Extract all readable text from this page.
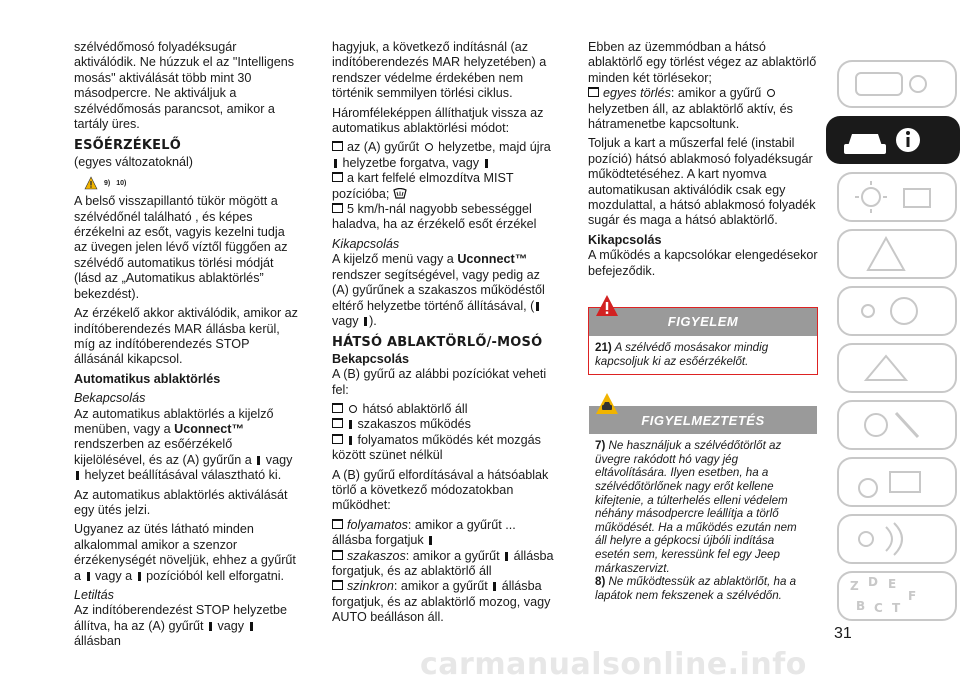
szélvédőmosó folyadéksugár aktiválódik. Ne húzzuk el az "Intelligens mosás" aktiválását több mint 30 másodpercre. Ne aktiváljuk a szélvédőmosás parancsot, amikor a tartály üres.

ESŐÉRZÉKELŐ

(egyes változatoknál)

9) 10)

A belső visszapillantó tükör mögött a szélvédőnél található , és képes érzékelni az esőt, vagyis kezelni tudja az üvegen jelen lévő víztől függően az szélvédő automatikus törlési módját (lásd az „Automatikus ablaktörlés” bekezdést).

Az érzékelő akkor aktiválódik, amikor az indítóberendezés MAR állásba kerül, míg az indítóberendezés STOP állásánál kikapcsol.

Automatikus ablaktörlés

Bekapcsolás

Az automatikus ablaktörlés a kijelző menüben, vagy a Uconnect™ rendszerben az esőérzékelő kijelölésével, és az (A) gyűrűn a  vagy  helyzet beállításával választható ki.

Az automatikus ablaktörlés aktiválását egy ütés jelzi.

Ugyanez az ütés látható minden alkalommal amikor a szenzor érzékenységét növeljük, ehhez a gyűrűt a  vagy a  pozícióból kell elforgatni.

Letiltás

Az indítóberendezést STOP helyzetbe állítva, ha az (A) gyűrűt  vagy  állásban

hagyjuk, a következő indításnál (az indítóberendezés MAR helyzetében) a rendszer védelme érdekében nem történik semmilyen törlési ciklus.

Háromféleképpen állíthatjuk vissza az automatikus ablaktörlési módot:

az (A) gyűrűt  helyzetbe, majd újra  helyzetbe forgatva, vagy

a kart felfelé elmozdítva MIST pozícióba;

5 km/h-nál nagyobb sebességgel haladva, ha az érzékelő esőt érzékel

Kikapcsolás

A kijelző menü vagy a Uconnect™ rendszer segítségével, vagy pedig az (A) gyűrűnek a szakaszos működéstől eltérő helyzetbe történő állításával, ( vagy ).

HÁTSÓ ABLAKTÖRLŐ/-MOSÓ

Bekapcsolás

A (B) gyűrű az alábbi pozíciókat veheti fel:

hátsó ablaktörlő áll

szakaszos működés

folyamatos működés két mozgás között szünet nélkül

A (B) gyűrű elfordításával a hátsóablak törlő a következő módozatokban működhet:

folyamatos: amikor a gyűrűt ... állásba forgatjuk

szakaszos: amikor a gyűrűt  állásba forgatjuk, és az ablaktörlő áll

szinkron: amikor a gyűrűt  állásba forgatjuk, és az ablaktörlő mozog, vagy AUTO beálláson áll.

Ebben az üzemmódban a hátsó ablaktörlő egy törlést végez az ablaktörlő minden két törlésekor;

egyes törlés: amikor a gyűrű  helyzetben áll, az ablaktörlő aktív, és hátramenetbe kapcsoltunk.

Toljuk a kart a műszerfal felé (instabil pozíció) hátsó ablakmosó folyadéksugár működtetéséhez. A kart nyomva automatikusan aktiválódik csak egy mozdulattal, a hátsó ablakmosó folyadék sugár és maga a hátsó ablaktörlő.

Kikapcsolás

A működés a kapcsolókar elengedésekor befejeződik.

FIGYELEM

21) A szélvédő mosásakor mindig kapcsoljuk ki az esőérzékelőt.

FIGYELMEZTETÉS

7) Ne használjuk a szélvédőtörlőt az üvegre rakódott hó vagy jég eltávolítására. Ilyen esetben, ha a szélvédőtörlőnek nagy erőt kellene kifejtenie, a túlterhelés elleni védelem néhány másodpercre leállítja a törlő működését. Ha a működés ezután nem áll helyre a gépkocsi újbóli indítása esetén sem, keressünk fel egy Jeep márkaszervizt.

8) Ne működtessük az ablaktörlőt, ha a lapátok nem fekszenek a szélvédőn.

Z D E
B C T
F
31
carmanualsonline.info
